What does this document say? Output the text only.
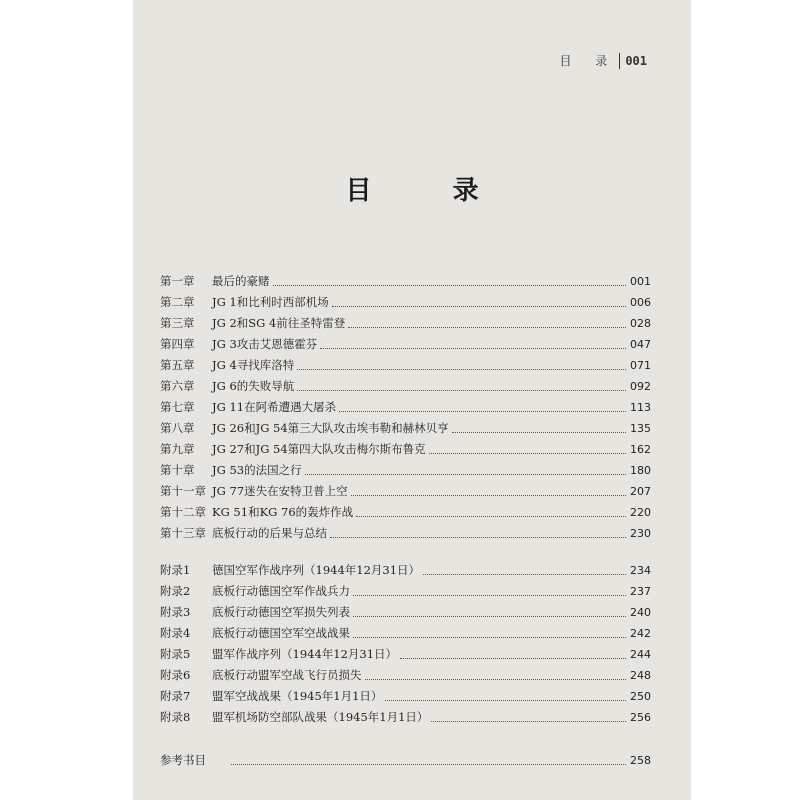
目 录 001
目 录
第一章	最后的豪赌	001
第二章	JG 1和比利时西部机场	006
第三章	JG 2和SG 4前往圣特雷登	028
第四章	JG 3攻击艾恩德霍芬	047
第五章	JG 4寻找库洛特	071
第六章	JG 6的失败导航	092
第七章	JG 11在阿希遭遇大屠杀	113
第八章	JG 26和JG 54第三大队攻击埃韦勒和赫林贝亨	135
第九章	JG 27和JG 54第四大队攻击梅尔斯布鲁克	162
第十章	JG 53的法国之行	180
第十一章 JG 77迷失在安特卫普上空	207
第十二章 KG 51和KG 76的轰炸作战	220
第十三章 底板行动的后果与总结	230
附录1	德国空军作战序列（1944年12月31日）	234
附录2	底板行动德国空军作战兵力	237
附录3	底板行动德国空军损失列表	240
附录4	底板行动德国空军空战战果	242
附录5	盟军作战序列（1944年12月31日）	244
附录6	底板行动盟军空战飞行员损失	248
附录7	盟军空战战果（1945年1月1日）	250
附录8	盟军机场防空部队战果（1945年1月1日）	256
参考书目	258
